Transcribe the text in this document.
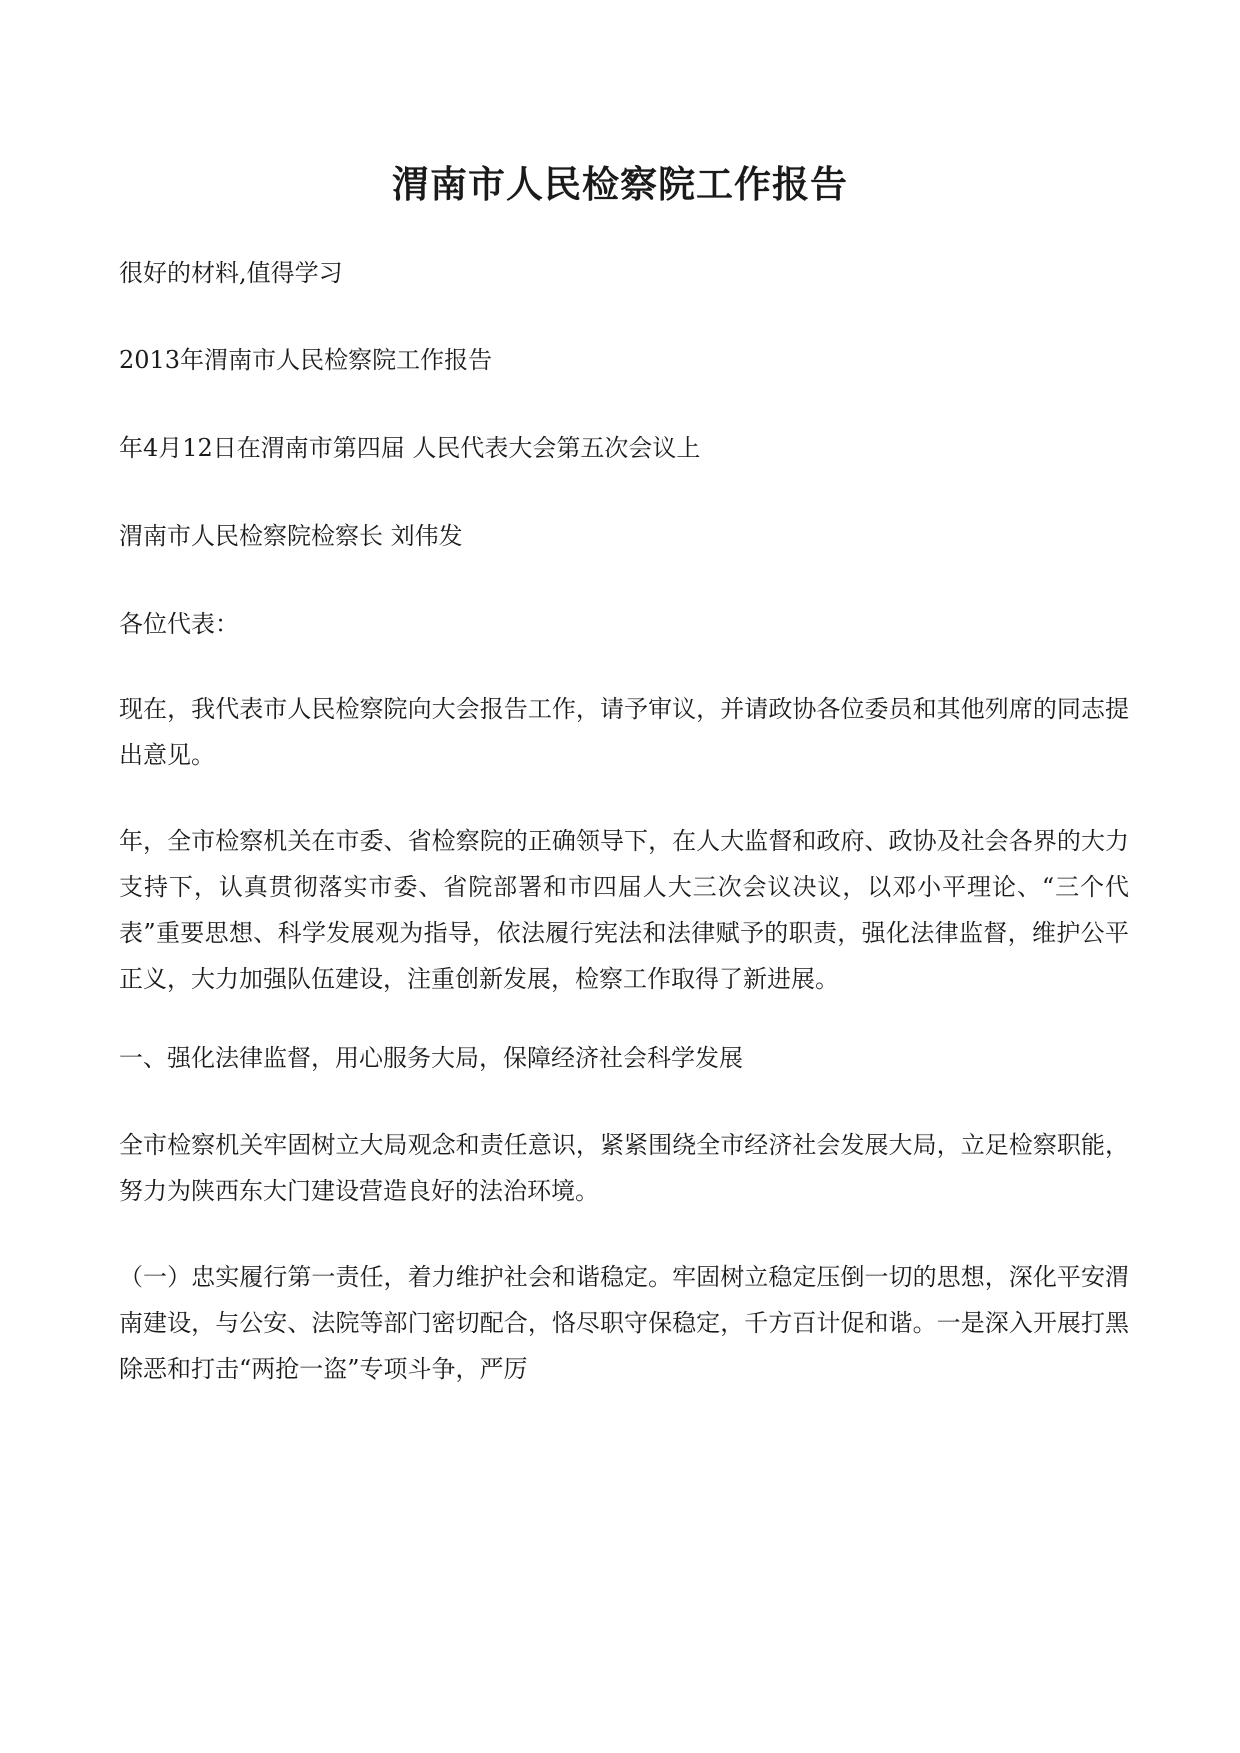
渭南市人民检察院工作报告

很好的材料,值得学习

2013年渭南市人民检察院工作报告

年4月12日在渭南市第四届 人民代表大会第五次会议上

渭南市人民检察院检察长 刘伟发

各位代表：

现在，我代表市人民检察院向大会报告工作，请予审议，并请政协各位委员和其他列席的同志提出意见。

年，全市检察机关在市委、省检察院的正确领导下，在人大监督和政府、政协及社会各界的大力支持下，认真贯彻落实市委、省院部署和市四届人大三次会议决议，以邓小平理论、“三个代表”重要思想、科学发展观为指导，依法履行宪法和法律赋予的职责，强化法律监督，维护公平正义，大力加强队伍建设，注重创新发展，检察工作取得了新进展。

一、强化法律监督，用心服务大局，保障经济社会科学发展

全市检察机关牢固树立大局观念和责任意识，紧紧围绕全市经济社会发展大局，立足检察职能，努力为陕西东大门建设营造良好的法治环境。

（一）忠实履行第一责任，着力维护社会和谐稳定。牢固树立稳定压倒一切的思想，深化平安渭南建设，与公安、法院等部门密切配合，恪尽职守保稳定，千方百计促和谐。一是深入开展打黑除恶和打击“两抢一盗”专项斗争，严厉
